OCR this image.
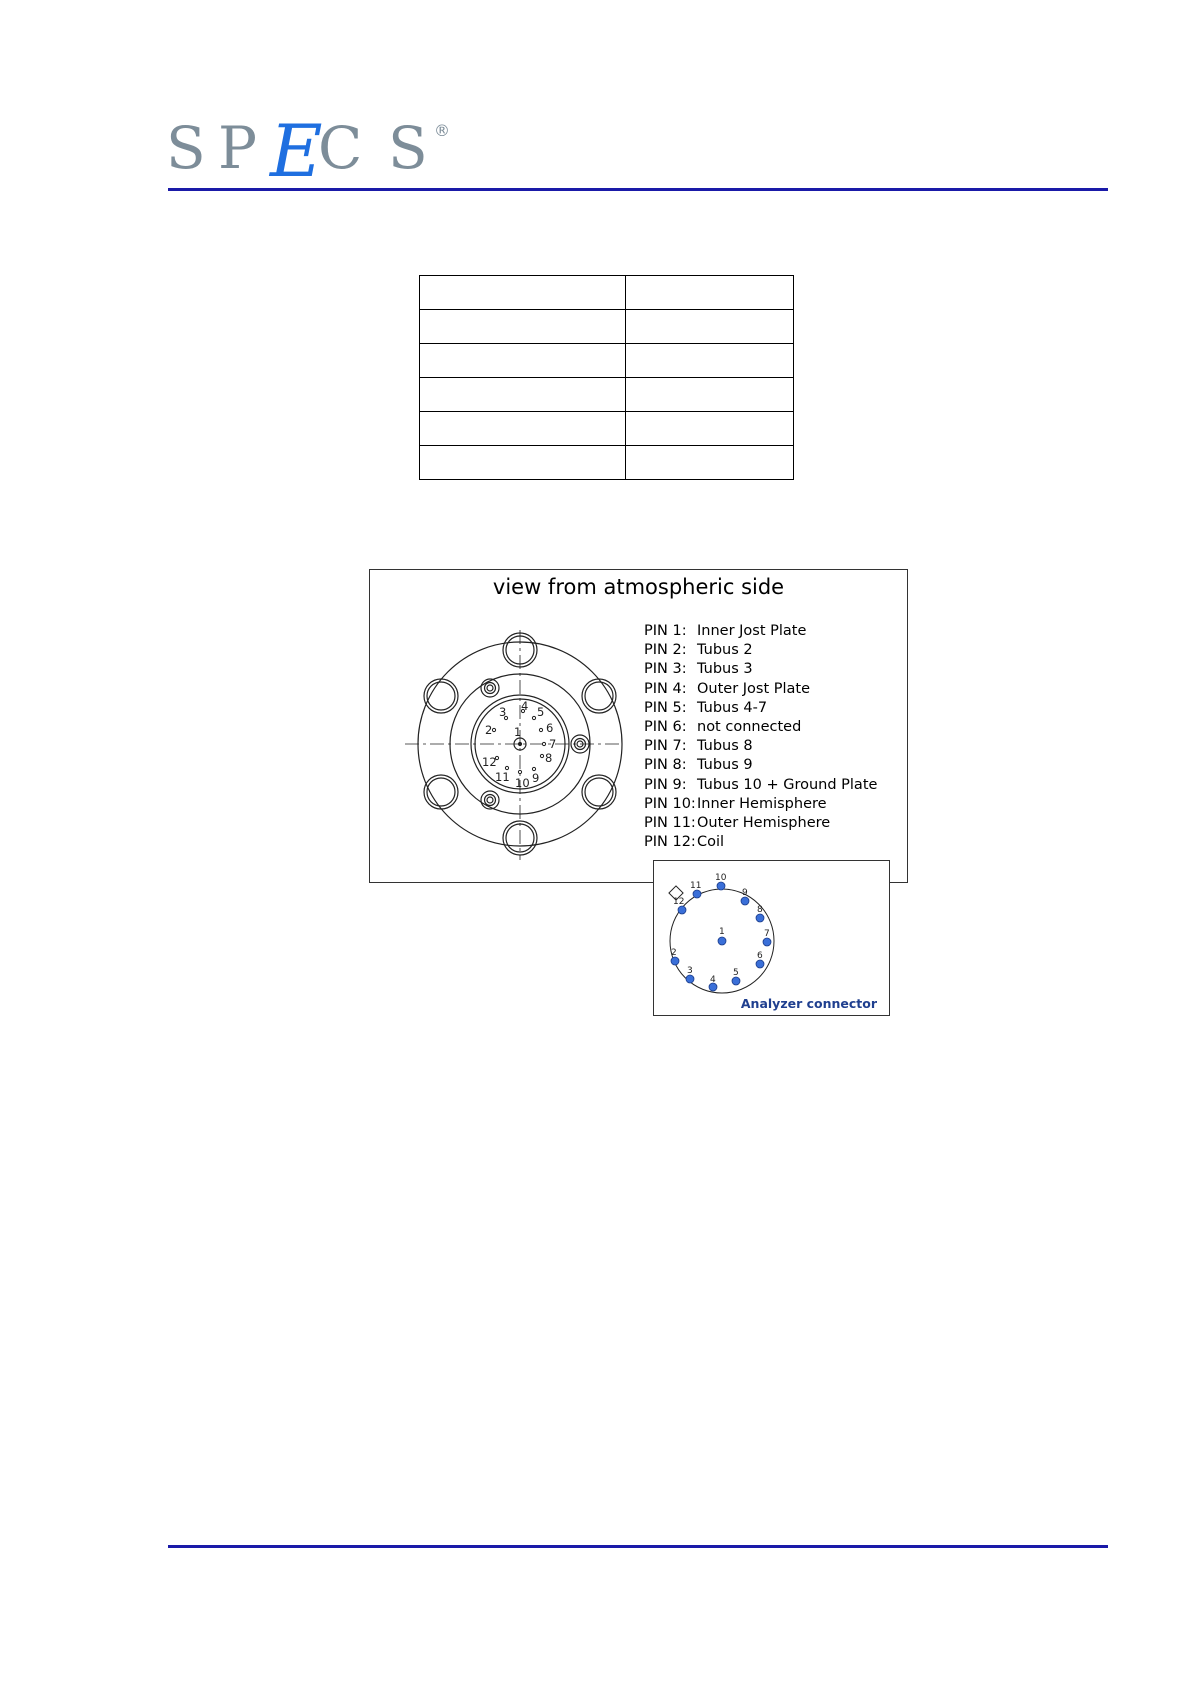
S P C S
E	®

view from atmospheric side
1
2
3 4 5
6
7
8
9
10
11
12
PIN 1: Inner Jost Plate
PIN 2: Tubus 2
PIN 3: Tubus 3
PIN 4: Outer Jost Plate
PIN 5: Tubus 4-7
PIN 6: not connected
PIN 7: Tubus 8
PIN 8: Tubus 9
PIN 9: Tubus 10 + Ground Plate
PIN 10:Inner Hemisphere
PIN 11:Outer Hemisphere
PIN 12:Coil
1
2
3
4
5
6
7
8
9
10
11
12
Analyzer connector
